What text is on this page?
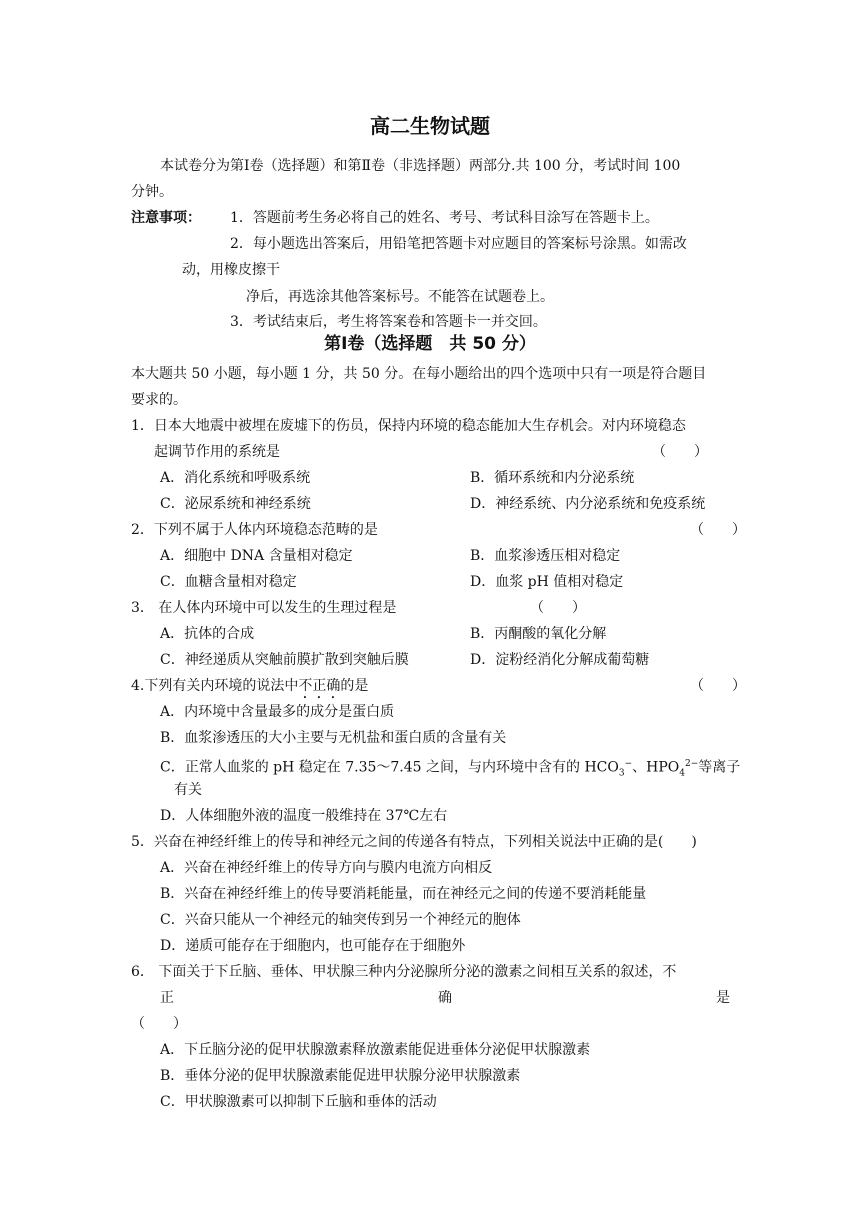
高二生物试题
本试卷分为第Ⅰ卷（选择题）和第Ⅱ卷（非选择题）两部分.共 100 分，考试时间 100
分钟。
注意事项： 1．答题前考生务必将自己的姓名、考号、考试科目涂写在答题卡上。
2．每小题选出答案后，用铅笔把答题卡对应题目的答案标号涂黑。如需改
动，用橡皮擦干
净后，再选涂其他答案标号。不能答在试题卷上。
3．考试结束后，考生将答案卷和答题卡一并交回。
第Ⅰ卷（选择题　共 50 分）
本大题共 50 小题，每小题 1 分，共 50 分。在每小题给出的四个选项中只有一项是符合题目
要求的。
1．日本大地震中被埋在废墟下的伤员，保持内环境的稳态能加大生存机会。对内环境稳态
起调节作用的系统是	（　　）
A．消化系统和呼吸系统	B．循环系统和内分泌系统
C．泌尿系统和神经系统	D．神经系统、内分泌系统和免疫系统
2．下列不属于人体内环境稳态范畴的是	（　　）
A．细胞中 DNA 含量相对稳定	B．血浆渗透压相对稳定
C．血糖含量相对稳定	D．血浆 pH 值相对稳定
3． 在人体内环境中可以发生的生理过程是	（　　）
A．抗体的合成	B．丙酮酸的氧化分解
C．神经递质从突触前膜扩散到突触后膜	D．淀粉经消化分解成葡萄糖
4.下列有关内环境的说法中不正确的是	（　　）
A．内环境中含量最多的成分是蛋白质
B．血浆渗透压的大小主要与无机盐和蛋白质的含量有关
C．正常人血浆的 pH 稳定在 7.35～7.45 之间，与内环境中含有的 $HCO_3^-$、$HPO_4^{2-}$等离子
有关
D．人体细胞外液的温度一般维持在 37℃左右
5．兴奋在神经纤维上的传导和神经元之间的传递各有特点，下列相关说法中正确的是(　　)
A．兴奋在神经纤维上的传导方向与膜内电流方向相反
B．兴奋在神经纤维上的传导要消耗能量，而在神经元之间的传递不要消耗能量
C．兴奋只能从一个神经元的轴突传到另一个神经元的胞体
D．递质可能存在于细胞内，也可能存在于细胞外
6． 下面关于下丘脑、垂体、甲状腺三种内分泌腺所分泌的激素之间相互关系的叙述，不
正	确	是
（　　）
A．下丘脑分泌的促甲状腺激素释放激素能促进垂体分泌促甲状腺激素
B．垂体分泌的促甲状腺激素能促进甲状腺分泌甲状腺激素
C．甲状腺激素可以抑制下丘脑和垂体的活动
